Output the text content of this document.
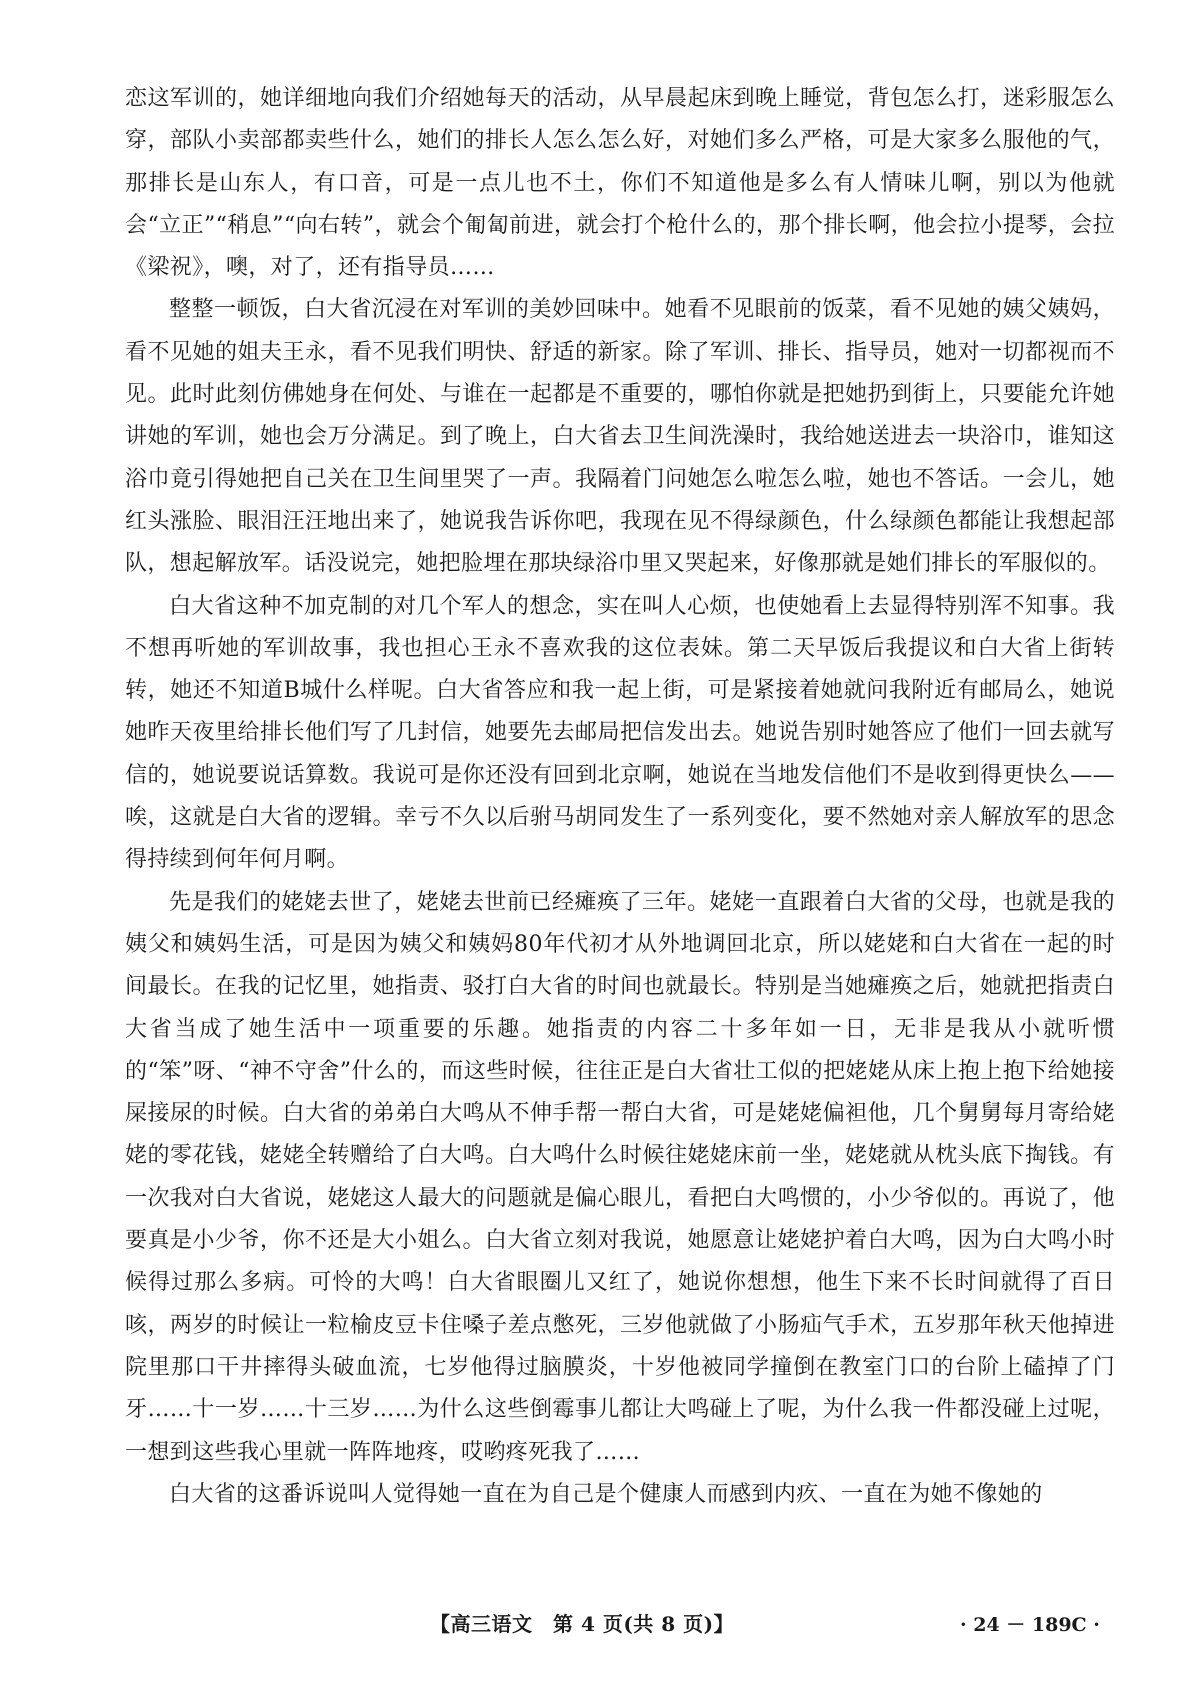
恋这军训的，她详细地向我们介绍她每天的活动，从早晨起床到晚上睡觉，背包怎么打，迷彩服怎么穿，部队小卖部都卖些什么，她们的排长人怎么怎么好，对她们多么严格，可是大家多么服他的气，那排长是山东人，有口音，可是一点儿也不土，你们不知道他是多么有人情味儿啊，别以为他就会“立正”“稍息”“向右转”，就会个匍匐前进，就会打个枪什么的，那个排长啊，他会拉小提琴，会拉《梁祝》，噢，对了，还有指导员……

整整一顿饭，白大省沉浸在对军训的美妙回味中。她看不见眼前的饭菜，看不见她的姨父姨妈，看不见她的姐夫王永，看不见我们明快、舒适的新家。除了军训、排长、指导员，她对一切都视而不见。此时此刻仿佛她身在何处、与谁在一起都是不重要的，哪怕你就是把她扔到街上，只要能允许她讲她的军训，她也会万分满足。到了晚上，白大省去卫生间洗澡时，我给她送进去一块浴巾，谁知这浴巾竟引得她把自己关在卫生间里哭了一声。我隔着门问她怎么啦怎么啦，她也不答话。一会儿，她红头涨脸、眼泪汪汪地出来了，她说我告诉你吧，我现在见不得绿颜色，什么绿颜色都能让我想起部队，想起解放军。话没说完，她把脸埋在那块绿浴巾里又哭起来，好像那就是她们排长的军服似的。

白大省这种不加克制的对几个军人的想念，实在叫人心烦，也使她看上去显得特别浑不知事。我不想再听她的军训故事，我也担心王永不喜欢我的这位表妹。第二天早饭后我提议和白大省上街转转，她还不知道B城什么样呢。白大省答应和我一起上街，可是紧接着她就问我附近有邮局么，她说她昨天夜里给排长他们写了几封信，她要先去邮局把信发出去。她说告别时她答应了他们一回去就写信的，她说要说话算数。我说可是你还没有回到北京啊，她说在当地发信他们不是收到得更快么——唉，这就是白大省的逻辑。幸亏不久以后驸马胡同发生了一系列变化，要不然她对亲人解放军的思念得持续到何年何月啊。

先是我们的姥姥去世了，姥姥去世前已经瘫痪了三年。姥姥一直跟着白大省的父母，也就是我的姨父和姨妈生活，可是因为姨父和姨妈80年代初才从外地调回北京，所以姥姥和白大省在一起的时间最长。在我的记忆里，她指责、驳打白大省的时间也就最长。特别是当她瘫痪之后，她就把指责白大省当成了她生活中一项重要的乐趣。她指责的内容二十多年如一日，无非是我从小就听惯的“笨”呀、“神不守舍”什么的，而这些时候，往往正是白大省壮工似的把姥姥从床上抱上抱下给她接屎接尿的时候。白大省的弟弟白大鸣从不伸手帮一帮白大省，可是姥姥偏袒他，几个舅舅每月寄给姥姥的零花钱，姥姥全转赠给了白大鸣。白大鸣什么时候往姥姥床前一坐，姥姥就从枕头底下掏钱。有一次我对白大省说，姥姥这人最大的问题就是偏心眼儿，看把白大鸣惯的，小少爷似的。再说了，他要真是小少爷，你不还是大小姐么。白大省立刻对我说，她愿意让姥姥护着白大鸣，因为白大鸣小时候得过那么多病。可怜的大鸣！白大省眼圈儿又红了，她说你想想，他生下来不长时间就得了百日咳，两岁的时候让一粒榆皮豆卡住嗓子差点憋死，三岁他就做了小肠疝气手术，五岁那年秋天他掉进院里那口干井摔得头破血流，七岁他得过脑膜炎，十岁他被同学撞倒在教室门口的台阶上磕掉了门牙……十一岁……十三岁……为什么这些倒霉事儿都让大鸣碰上了呢，为什么我一件都没碰上过呢，一想到这些我心里就一阵阵地疼，哎哟疼死我了……

白大省的这番诉说叫人觉得她一直在为自己是个健康人而感到内疚、一直在为她不像她的

【高三语文　第 4 页(共 8 页)】	· 24 － 189C ·
